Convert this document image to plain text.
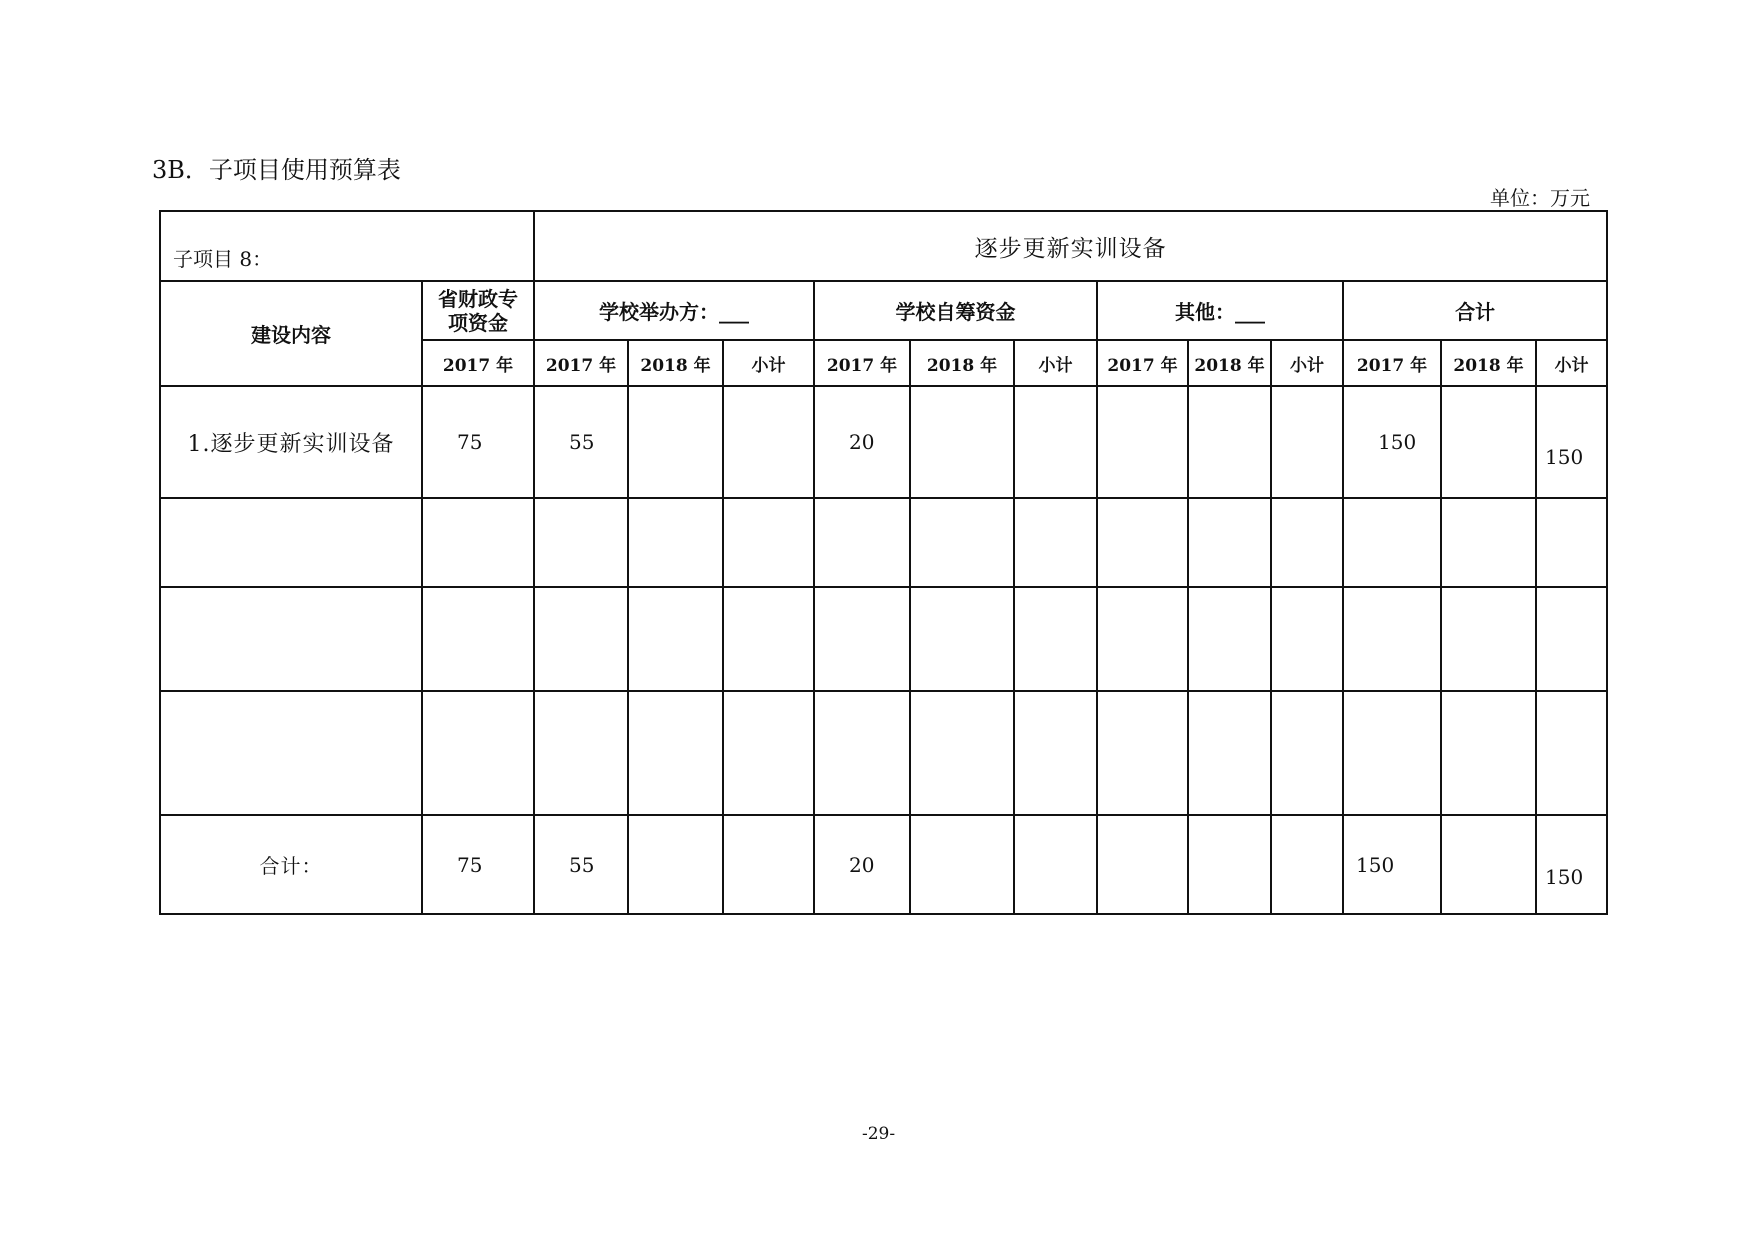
3B．子项目使用预算表
单位：万元
子项目 8：		逐步更新实训设备											
建设内容	省财政专项资金	学校举办方：___			学校自筹资金			其他：___			合计		
	2017 年	2017 年	2018 年	小计	2017 年	2018 年	小计	2017 年	2018 年	小计	2017 年	2018 年	小计
1.逐步更新实训设备	75	55			20						150		150

合计：	75	55			20						150		150
-29-
